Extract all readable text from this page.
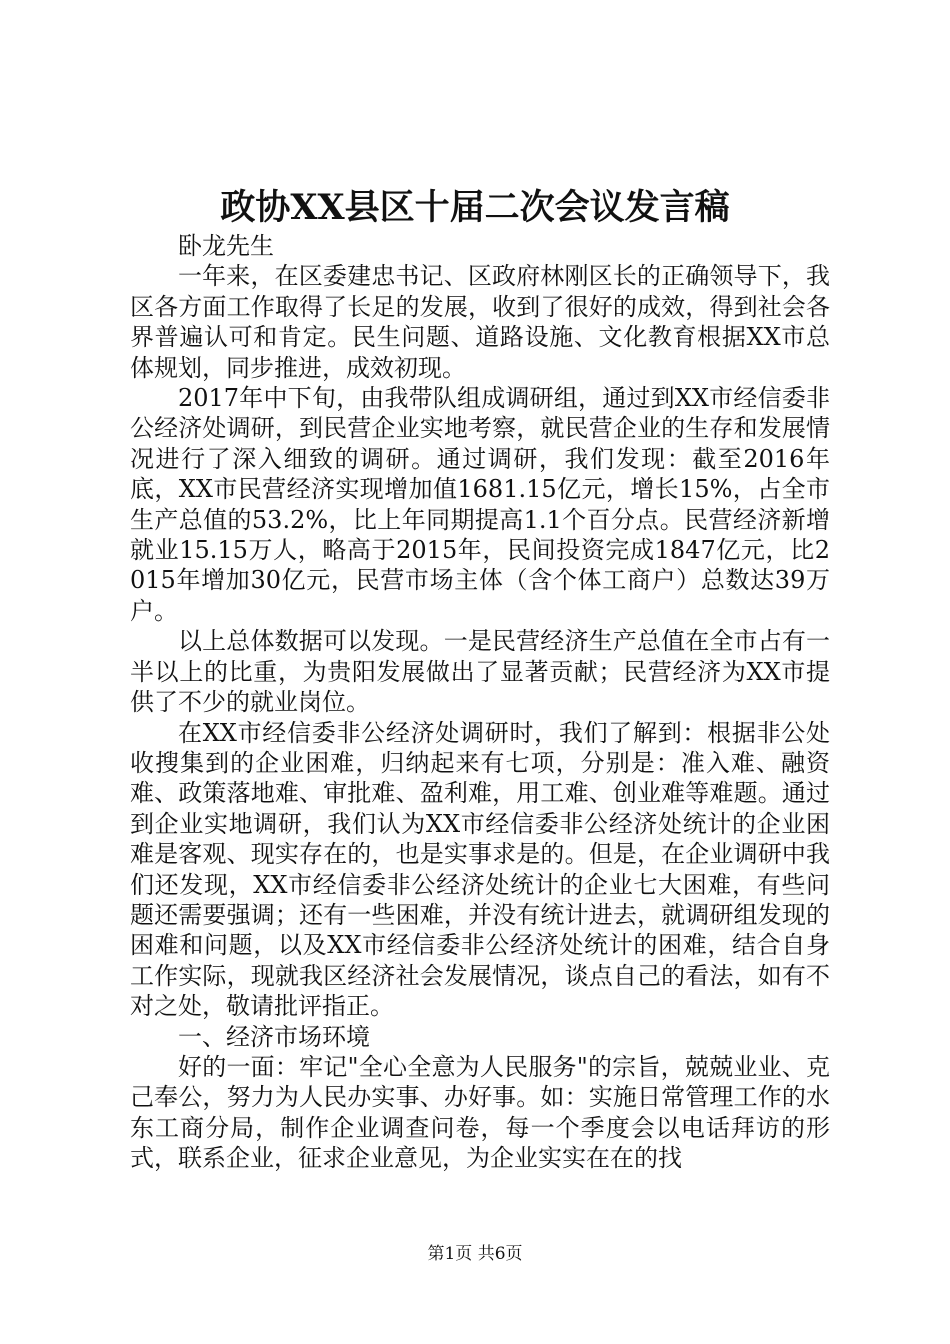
政协XX县区十届二次会议发言稿

卧龙先生

一年来，在区委建忠书记、区政府林刚区长的正确领导下，我区各方面工作取得了长足的发展，收到了很好的成效，得到社会各界普遍认可和肯定。民生问题、道路设施、文化教育根据XX市总体规划，同步推进，成效初现。

2017年中下旬，由我带队组成调研组，通过到XX市经信委非公经济处调研，到民营企业实地考察，就民营企业的生存和发展情况进行了深入细致的调研。通过调研，我们发现：截至2016年底，XX市民营经济实现增加值1681.15亿元，增长15%，占全市生产总值的53.2%，比上年同期提高1.1个百分点。民营经济新增就业15.15万人，略高于2015年，民间投资完成1847亿元，比2015年增加30亿元，民营市场主体（含个体工商户）总数达39万户。

以上总体数据可以发现。一是民营经济生产总值在全市占有一半以上的比重，为贵阳发展做出了显著贡献；民营经济为XX市提供了不少的就业岗位。

在XX市经信委非公经济处调研时，我们了解到：根据非公处收搜集到的企业困难，归纳起来有七项，分别是：准入难、融资难、政策落地难、审批难、盈利难，用工难、创业难等难题。通过到企业实地调研，我们认为XX市经信委非公经济处统计的企业困难是客观、现实存在的，也是实事求是的。但是，在企业调研中我们还发现，XX市经信委非公经济处统计的企业七大困难，有些问题还需要强调；还有一些困难，并没有统计进去，就调研组发现的困难和问题，以及XX市经信委非公经济处统计的困难，结合自身工作实际，现就我区经济社会发展情况，谈点自己的看法，如有不对之处，敬请批评指正。

一、经济市场环境

好的一面：牢记"全心全意为人民服务"的宗旨，兢兢业业、克己奉公，努力为人民办实事、办好事。如：实施日常管理工作的水东工商分局，制作企业调查问卷，每一个季度会以电话拜访的形式，联系企业，征求企业意见，为企业实实在在的找

第1页 共6页
